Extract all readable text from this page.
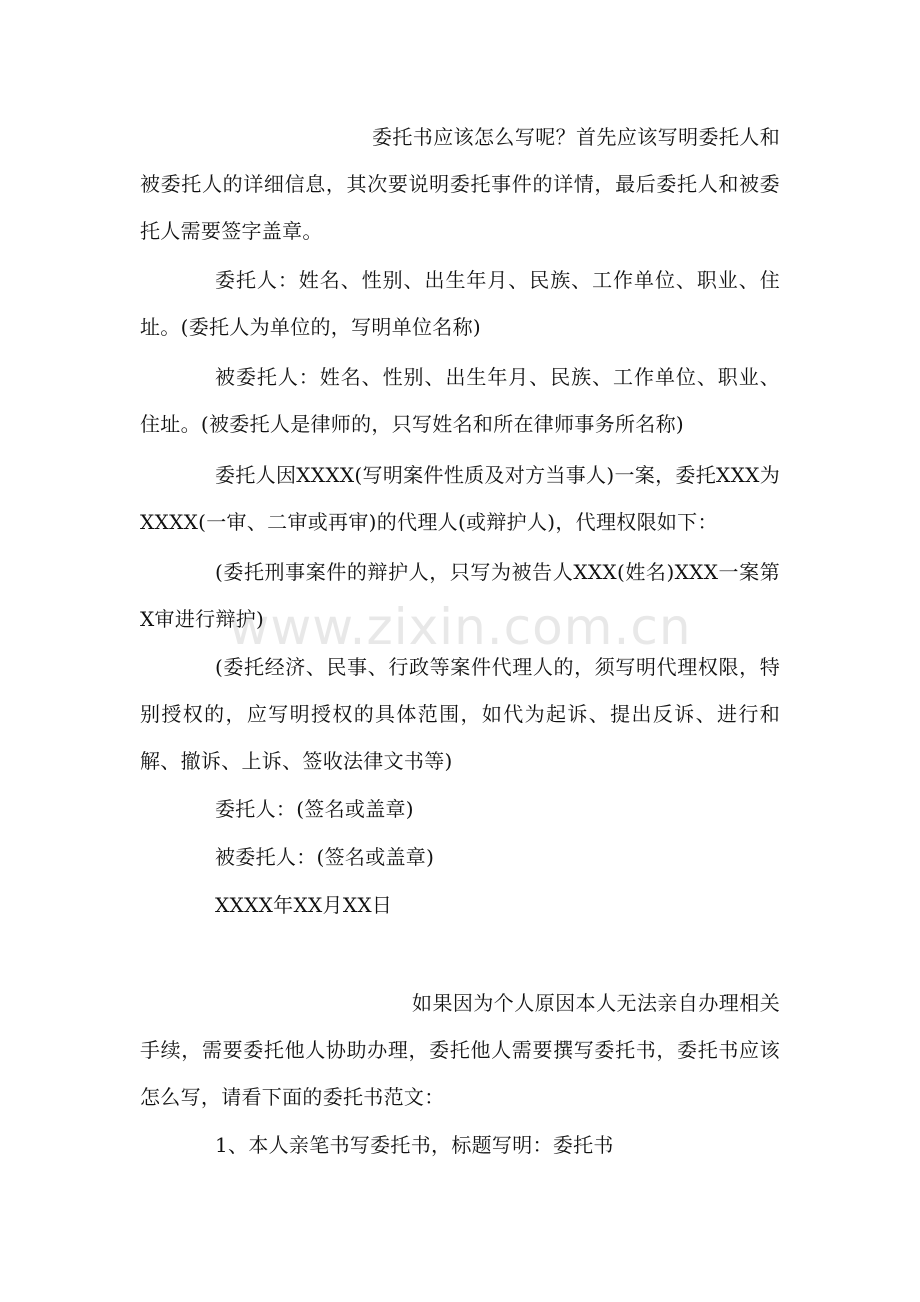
委托书应该怎么写呢？首先应该写明委托人和被委托人的详细信息，其次要说明委托事件的详情，最后委托人和被委托人需要签字盖章。

委托人：姓名、性别、出生年月、民族、工作单位、职业、住址。(委托人为单位的，写明单位名称)

被委托人：姓名、性别、出生年月、民族、工作单位、职业、住址。(被委托人是律师的，只写姓名和所在律师事务所名称)

委托人因XXXX(写明案件性质及对方当事人)一案，委托XXX为XXXX(一审、二审或再审)的代理人(或辩护人)，代理权限如下：

(委托刑事案件的辩护人，只写为被告人XXX(姓名)XXX一案第X审进行辩护)

(委托经济、民事、行政等案件代理人的，须写明代理权限，特别授权的，应写明授权的具体范围，如代为起诉、提出反诉、进行和解、撤诉、上诉、签收法律文书等)

委托人：(签名或盖章)

被委托人：(签名或盖章)

XXXX年XX月XX日

如果因为个人原因本人无法亲自办理相关手续，需要委托他人协助办理，委托他人需要撰写委托书，委托书应该怎么写，请看下面的委托书范文：

1、本人亲笔书写委托书，标题写明：委托书

www.zixin.com.cn
